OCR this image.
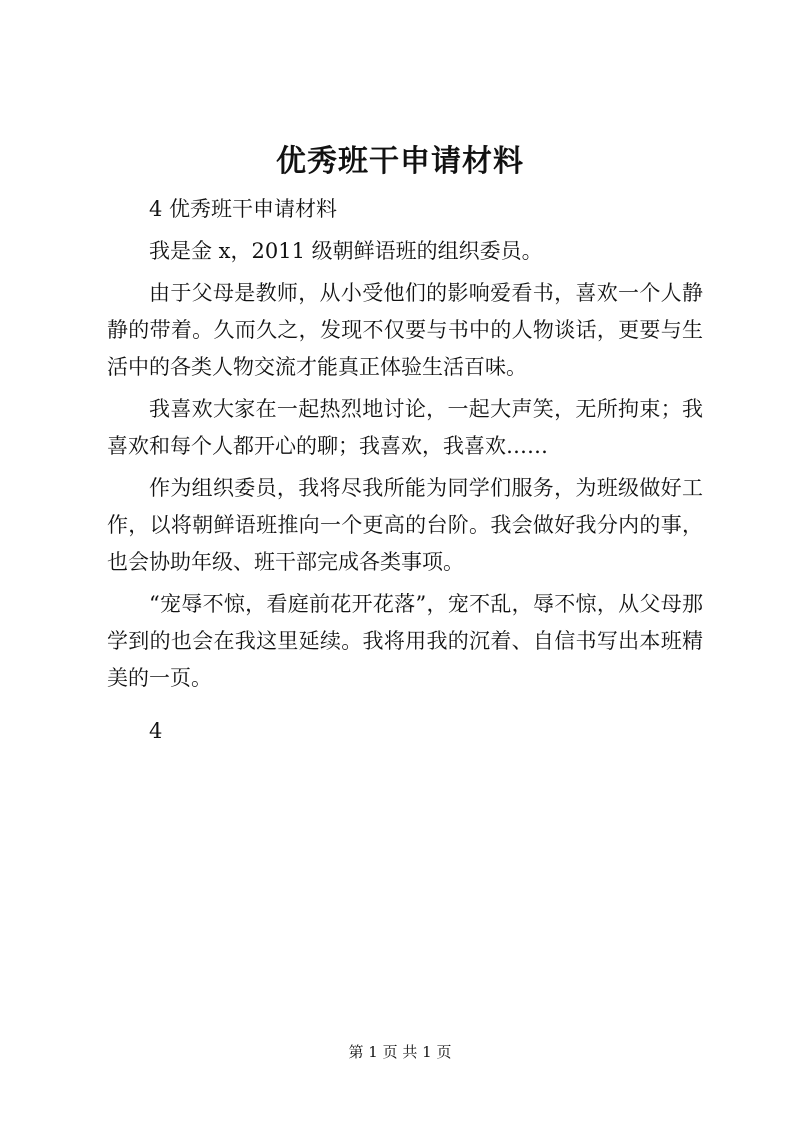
优秀班干申请材料

4 优秀班干申请材料

我是金 x，2011 级朝鲜语班的组织委员。

由于父母是教师，从小受他们的影响爱看书，喜欢一个人静静的带着。久而久之，发现不仅要与书中的人物谈话，更要与生活中的各类人物交流才能真正体验生活百味。

我喜欢大家在一起热烈地讨论，一起大声笑，无所拘束；我喜欢和每个人都开心的聊；我喜欢，我喜欢……

作为组织委员，我将尽我所能为同学们服务，为班级做好工作，以将朝鲜语班推向一个更高的台阶。我会做好我分内的事，也会协助年级、班干部完成各类事项。

“宠辱不惊，看庭前花开花落”，宠不乱，辱不惊，从父母那学到的也会在我这里延续。我将用我的沉着、自信书写出本班精美的一页。

4

第 1 页 共 1 页
